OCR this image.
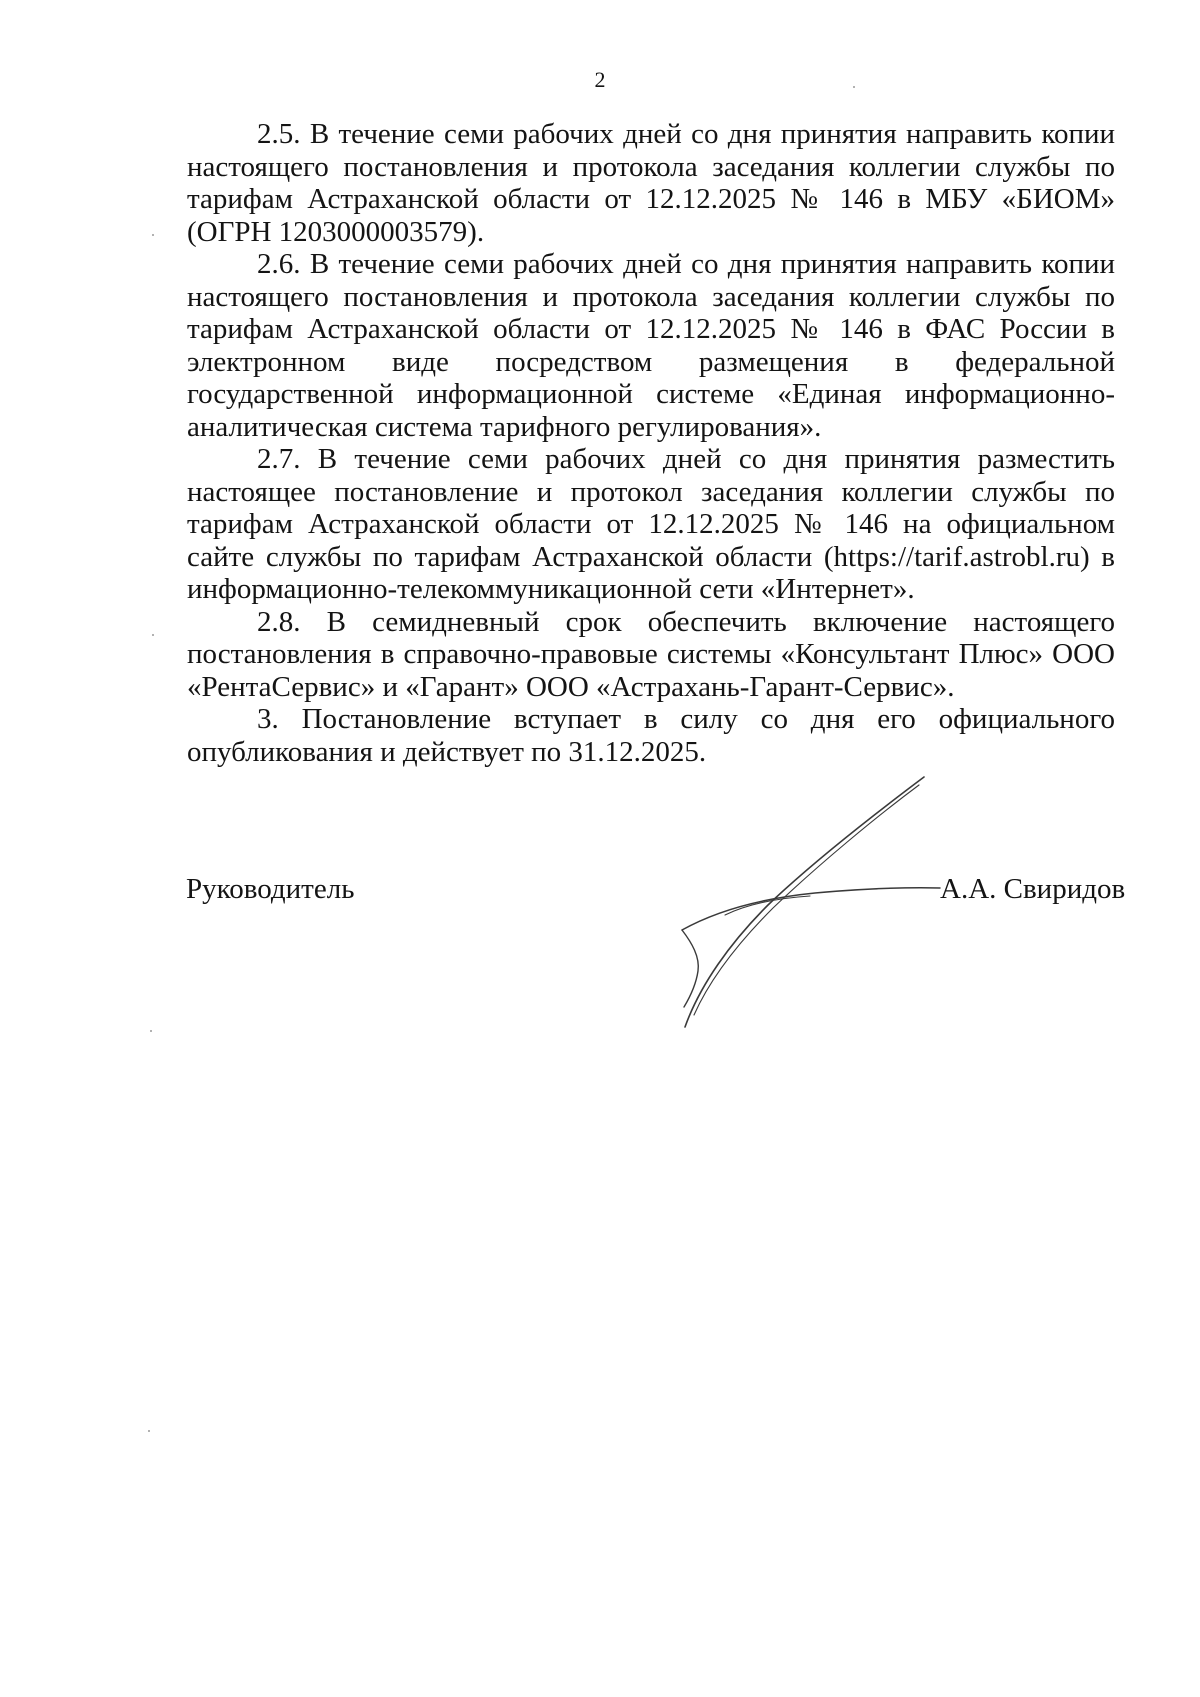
2

2.5. В течение семи рабочих дней со дня принятия направить копии настоящего постановления и протокола заседания коллегии службы по тарифам Астраханской области от 12.12.2025 № 146 в МБУ «БИОМ» (ОГРН 1203000003579).

2.6. В течение семи рабочих дней со дня принятия направить копии настоящего постановления и протокола заседания коллегии службы по тарифам Астраханской области от 12.12.2025 № 146 в ФАС России в электронном виде посредством размещения в федеральной государственной информационной системе «Единая информационно-аналитическая система тарифного регулирования».

2.7. В течение семи рабочих дней со дня принятия разместить настоящее постановление и протокол заседания коллегии службы по тарифам Астраханской области от 12.12.2025 № 146 на официальном сайте службы по тарифам Астраханской области (https://tarif.astrobl.ru) в информационно-телекоммуникационной сети «Интернет».

2.8. В семидневный срок обеспечить включение настоящего постановления в справочно-правовые системы «Консультант Плюс» ООО «РентаСервис» и «Гарант» ООО «Астрахань-Гарант-Сервис».

3. Постановление вступает в силу со дня его официального опубликования и действует по 31.12.2025.

Руководитель	А.А. Свиридов
